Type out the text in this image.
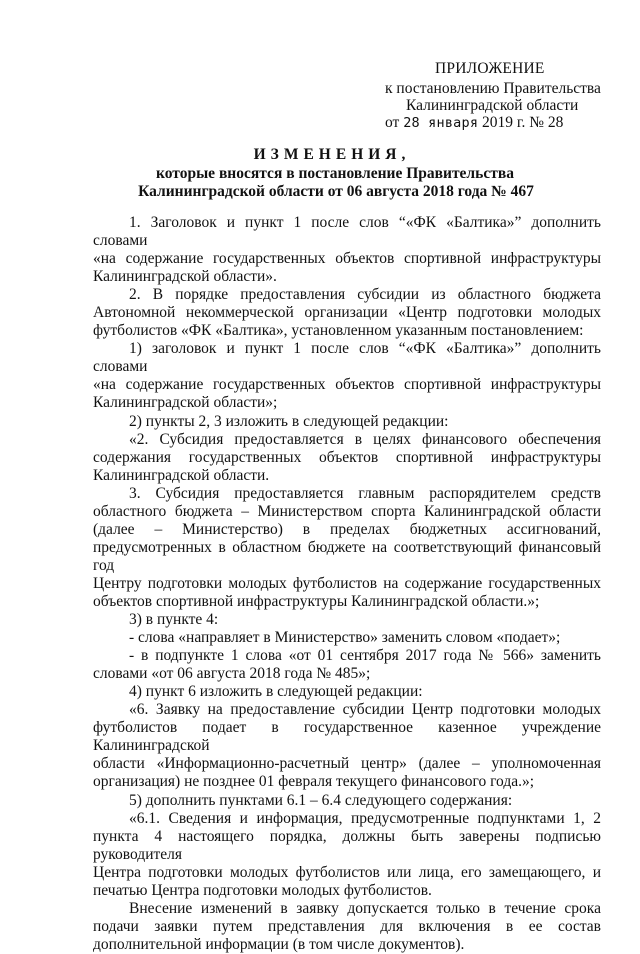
ПРИЛОЖЕНИЕ
к постановлению Правительства
Калининградской области
от 28 января 2019 г. № 28
ИЗМЕНЕНИЯ,
которые вносятся в постановление Правительства
Калининградской области от 06 августа 2018 года № 467

1. Заголовок и пункт 1 после слов “«ФК «Балтика»” дополнить словами

«на содержание государственных объектов спортивной инфраструктуры

Калининградской области».

2. В порядке предоставления субсидии из областного бюджета

Автономной некоммерческой организации «Центр подготовки молодых

футболистов «ФК «Балтика», установленном указанным постановлением:

1) заголовок и пункт 1 после слов “«ФК «Балтика»” дополнить словами

«на содержание государственных объектов спортивной инфраструктуры

Калининградской области»;

2) пункты 2, 3 изложить в следующей редакции:

«2. Субсидия предоставляется в целях финансового обеспечения

содержания государственных объектов спортивной инфраструктуры

Калининградской области.

3. Субсидия предоставляется главным распорядителем средств

областного бюджета – Министерством спорта Калининградской области

(далее – Министерство) в пределах бюджетных ассигнований,

предусмотренных в областном бюджете на соответствующий финансовый год

Центру подготовки молодых футболистов на содержание государственных

объектов спортивной инфраструктуры Калининградской области.»;

3) в пункте 4:

- слова «направляет в Министерство» заменить словом «подает»;

- в подпункте 1 слова «от 01 сентября 2017 года № 566» заменить

словами «от 06 августа 2018 года № 485»;

4) пункт 6 изложить в следующей редакции:

«6. Заявку на предоставление субсидии Центр подготовки молодых

футболистов подает в государственное казенное учреждение Калининградской

области «Информационно-расчетный центр» (далее – уполномоченная

организация) не позднее 01 февраля текущего финансового года.»;

5) дополнить пунктами 6.1 – 6.4 следующего содержания:

«6.1. Сведения и информация, предусмотренные подпунктами 1, 2

пункта 4 настоящего порядка, должны быть заверены подписью руководителя

Центра подготовки молодых футболистов или лица, его замещающего, и

печатью Центра подготовки молодых футболистов.

Внесение изменений в заявку допускается только в течение срока

подачи заявки путем представления для включения в ее состав

дополнительной информации (в том числе документов).
